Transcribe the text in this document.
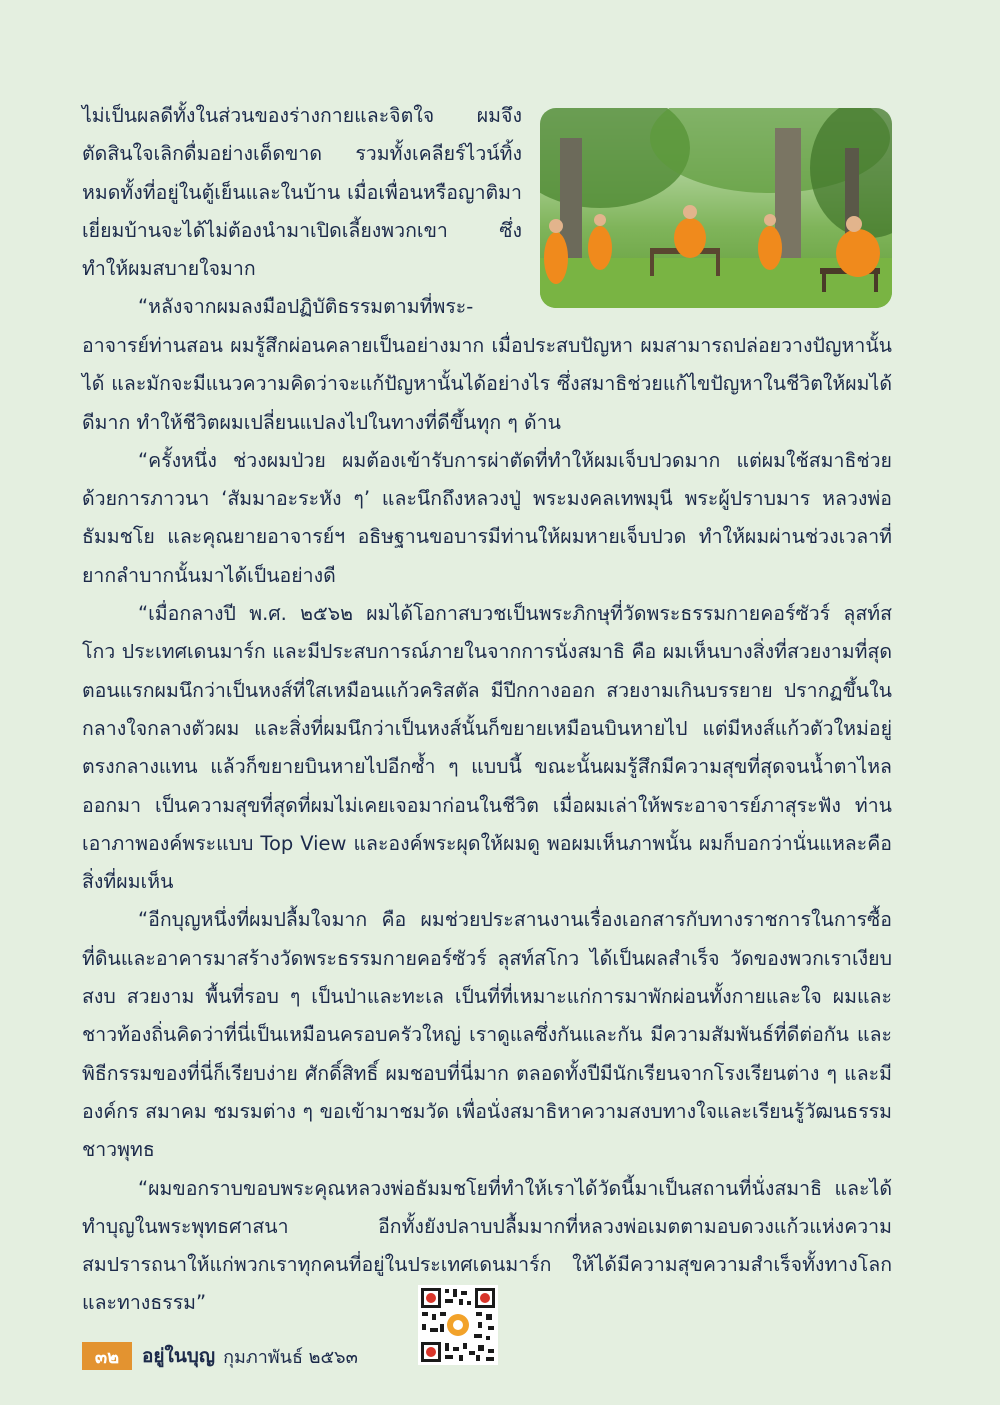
ไม่เป็นผลดีทั้งในส่วนของร่างกายและจิตใจ ผมจึงตัดสินใจเลิกดื่มอย่างเด็ดขาด รวมทั้งเคลียร์ไวน์ทิ้งหมดทั้งที่อยู่ในตู้เย็นและในบ้าน เมื่อเพื่อนหรือญาติมาเยี่ยมบ้านจะได้ไม่ต้องนำมาเปิดเลี้ยงพวกเขา ซึ่งทำให้ผมสบายใจมาก

“หลังจากผมลงมือปฏิบัติธรรมตามที่พระ-

อาจารย์ท่านสอน ผมรู้สึกผ่อนคลายเป็นอย่างมาก เมื่อประสบปัญหา ผมสามารถปล่อยวางปัญหานั้นได้ และมักจะมีแนวความคิดว่าจะแก้ปัญหานั้นได้อย่างไร ซึ่งสมาธิช่วยแก้ไขปัญหาในชีวิตให้ผมได้ดีมาก ทำให้ชีวิตผมเปลี่ยนแปลงไปในทางที่ดีขึ้นทุก ๆ ด้าน

“ครั้งหนึ่ง ช่วงผมป่วย ผมต้องเข้ารับการผ่าตัดที่ทำให้ผมเจ็บปวดมาก แต่ผมใช้สมาธิช่วย ด้วยการภาวนา ‘สัมมาอะระหัง ๆ’ และนึกถึงหลวงปู่ พระมงคลเทพมุนี พระผู้ปราบมาร หลวงพ่อธัมมชโย และคุณยายอาจารย์ฯ อธิษฐานขอบารมีท่านให้ผมหายเจ็บปวด ทำให้ผมผ่านช่วงเวลาที่ยากลำบากนั้นมาได้เป็นอย่างดี

“เมื่อกลางปี พ.ศ. ๒๕๖๒ ผมได้โอกาสบวชเป็นพระภิกษุที่วัดพระธรรมกายคอร์ซัวร์ ลุสท์สโกว ประเทศเดนมาร์ก และมีประสบการณ์ภายในจากการนั่งสมาธิ คือ ผมเห็นบางสิ่งที่สวยงามที่สุด ตอนแรกผมนึกว่าเป็นหงส์ที่ใสเหมือนแก้วคริสตัล มีปีกกางออก สวยงามเกินบรรยาย ปรากฏขึ้นในกลางใจกลางตัวผม และสิ่งที่ผมนึกว่าเป็นหงส์นั้นก็ขยายเหมือนบินหายไป แต่มีหงส์แก้วตัวใหม่อยู่ตรงกลางแทน แล้วก็ขยายบินหายไปอีกซ้ำ ๆ แบบนี้ ขณะนั้นผมรู้สึกมีความสุขที่สุดจนน้ำตาไหลออกมา เป็นความสุขที่สุดที่ผมไม่เคยเจอมาก่อนในชีวิต เมื่อผมเล่าให้พระอาจารย์ภาสุระฟัง ท่านเอาภาพองค์พระแบบ Top View และองค์พระผุดให้ผมดู พอผมเห็นภาพนั้น ผมก็บอกว่านั่นแหละคือสิ่งที่ผมเห็น

“อีกบุญหนึ่งที่ผมปลื้มใจมาก คือ ผมช่วยประสานงานเรื่องเอกสารกับทางราชการในการซื้อที่ดินและอาคารมาสร้างวัดพระธรรมกายคอร์ซัวร์ ลุสท์สโกว ได้เป็นผลสำเร็จ วัดของพวกเราเงียบสงบ สวยงาม พื้นที่รอบ ๆ เป็นป่าและทะเล เป็นที่ที่เหมาะแก่การมาพักผ่อนทั้งกายและใจ ผมและชาวท้องถิ่นคิดว่าที่นี่เป็นเหมือนครอบครัวใหญ่ เราดูแลซึ่งกันและกัน มีความสัมพันธ์ที่ดีต่อกัน และพิธีกรรมของที่นี่ก็เรียบง่าย ศักดิ์สิทธิ์ ผมชอบที่นี่มาก ตลอดทั้งปีมีนักเรียนจากโรงเรียนต่าง ๆ และมีองค์กร สมาคม ชมรมต่าง ๆ ขอเข้ามาชมวัด เพื่อนั่งสมาธิหาความสงบทางใจและเรียนรู้วัฒนธรรมชาวพุทธ

“ผมขอกราบขอบพระคุณหลวงพ่อธัมมชโยที่ทำให้เราได้วัดนี้มาเป็นสถานที่นั่งสมาธิ และได้ทำบุญในพระพุทธศาสนา อีกทั้งยังปลาบปลื้มมากที่หลวงพ่อเมตตามอบดวงแก้วแห่งความสมปรารถนาให้แก่พวกเราทุกคนที่อยู่ในประเทศเดนมาร์ก ให้ได้มีความสุขความสำเร็จทั้งทางโลกและทางธรรม”

๓๒	อยู่ในบุญ กุมภาพันธ์ ๒๕๖๓
